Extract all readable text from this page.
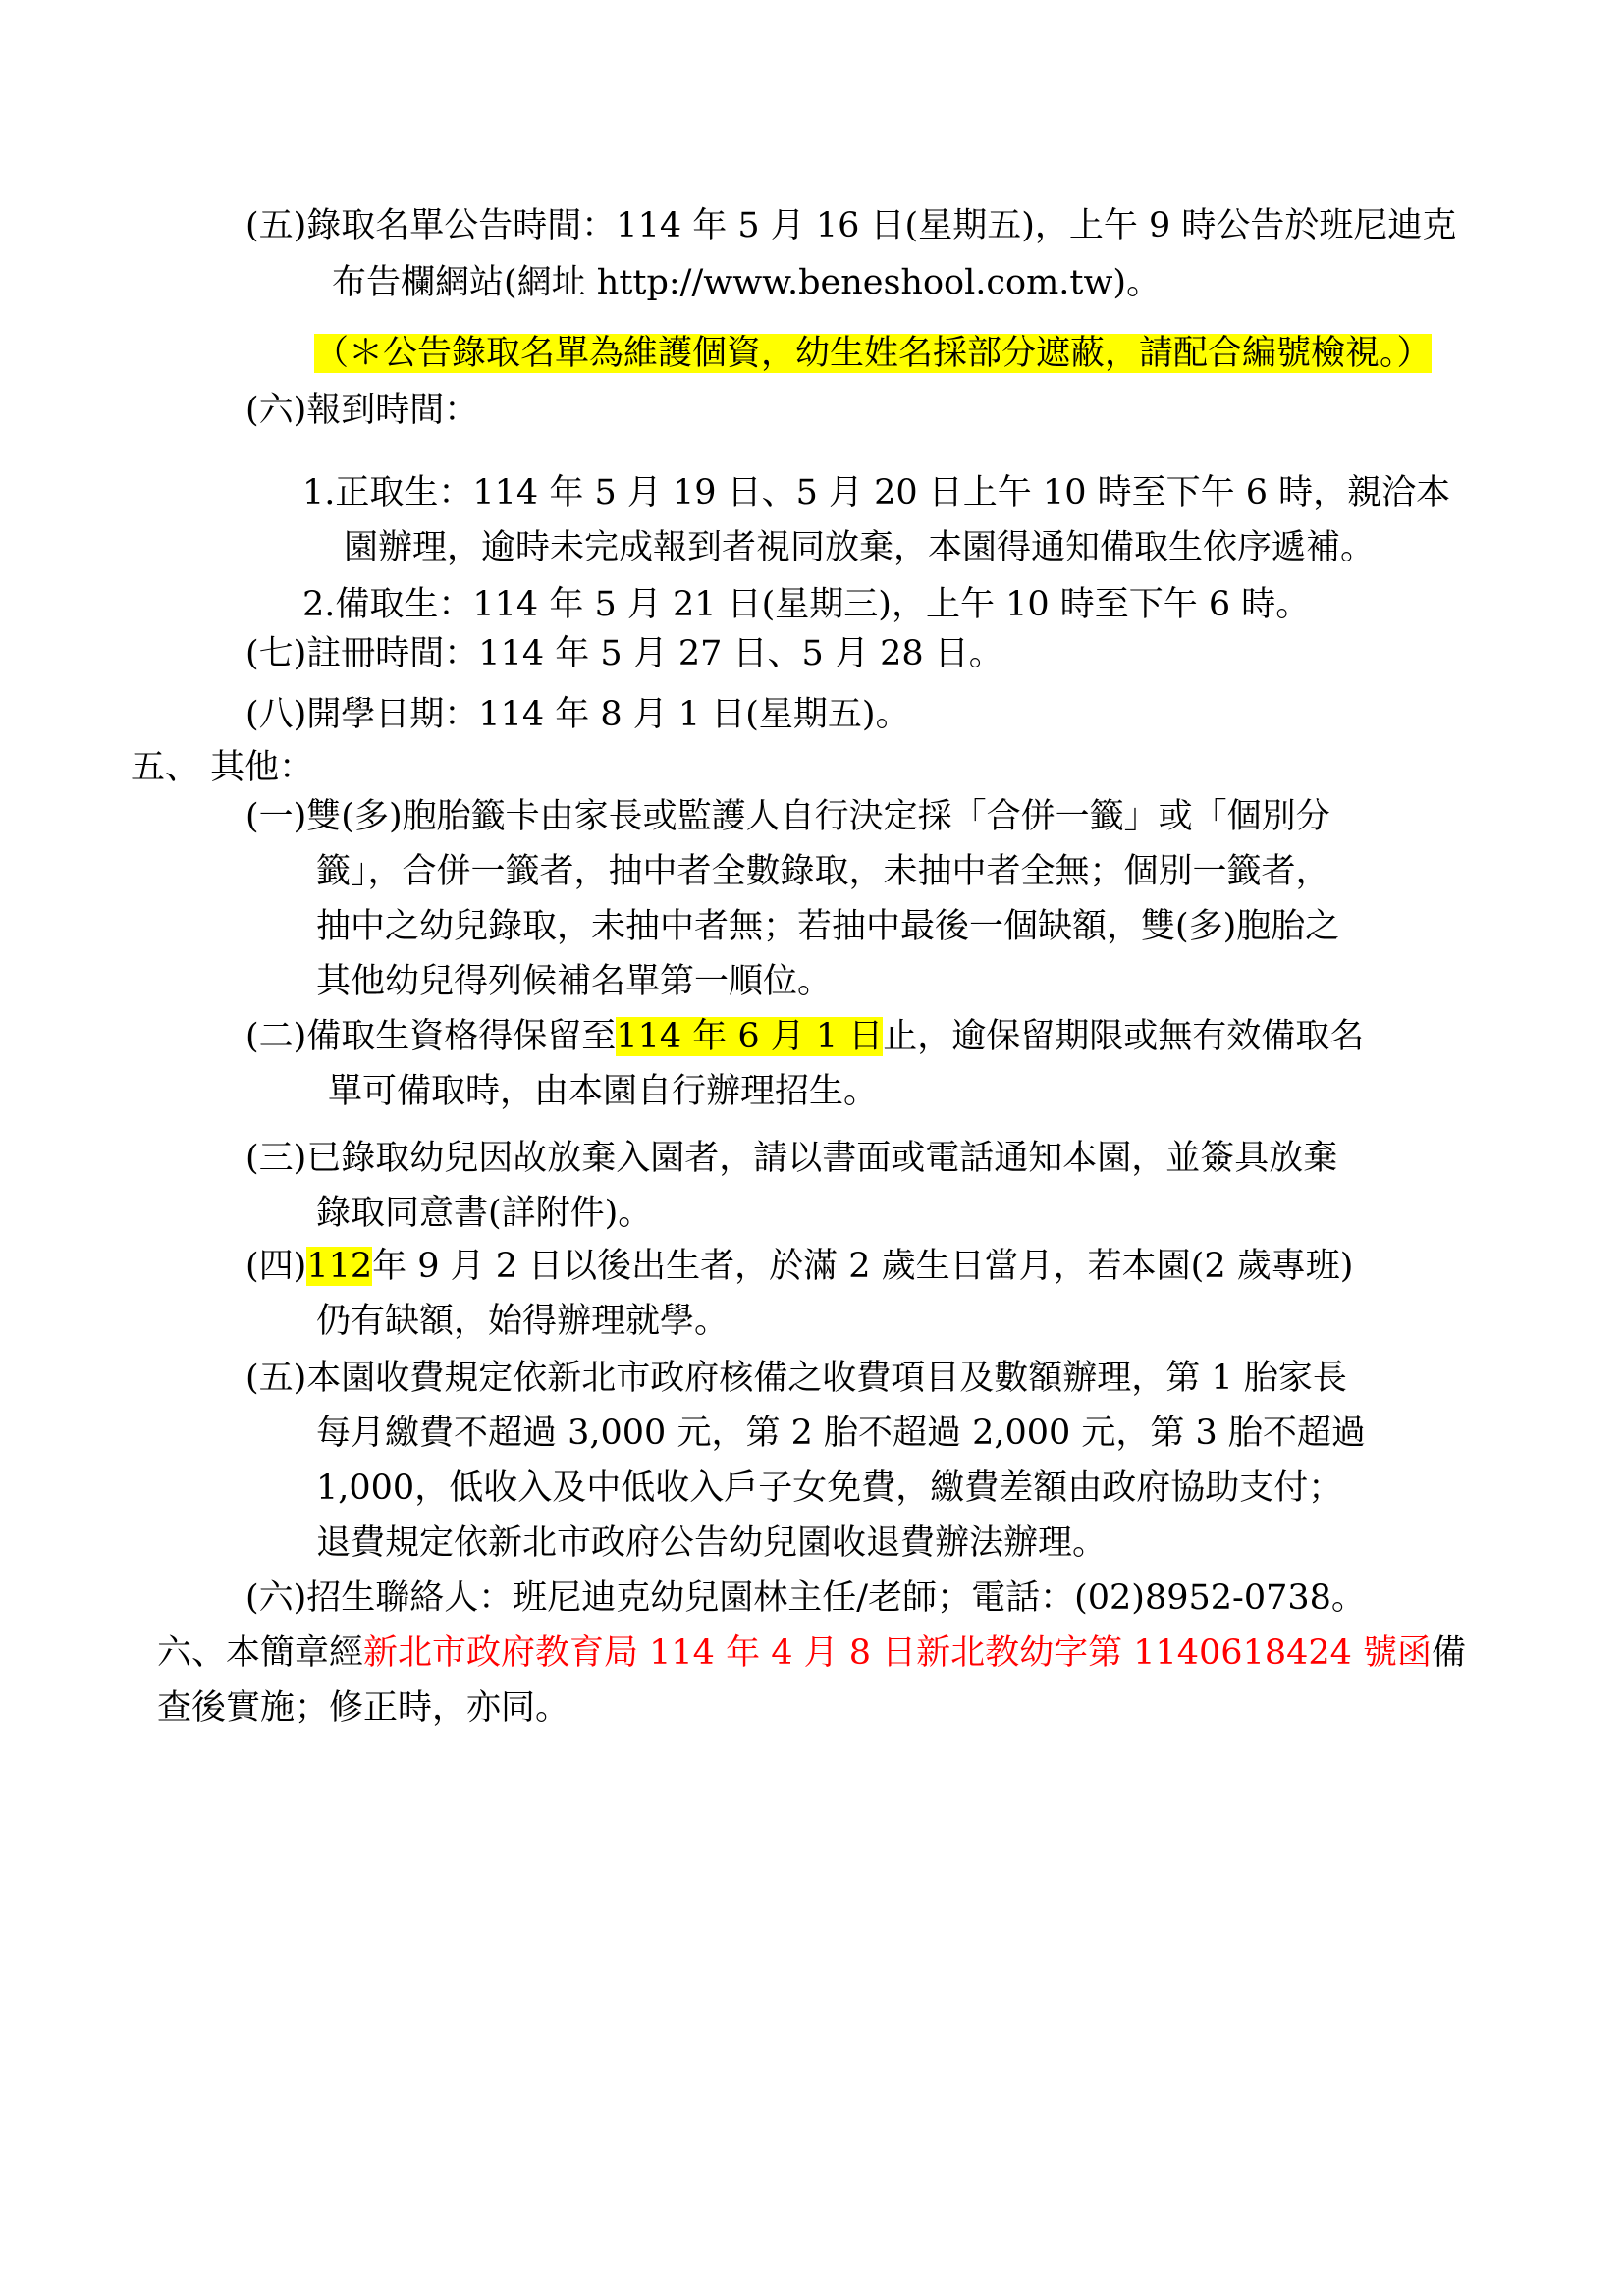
(五)錄取名單公告時間：114 年 5 月 16 日(星期五)，上午 9 時公告於班尼迪克
布告欄網站(網址 http://www.beneshool.com.tw)。
（＊公告錄取名單為維護個資，幼生姓名採部分遮蔽，請配合編號檢視。）
(六)報到時間：
1.正取生：114 年 5 月 19 日、5 月 20 日上午 10 時至下午 6 時，親洽本
園辦理，逾時未完成報到者視同放棄，本園得通知備取生依序遞補。
2.備取生：114 年 5 月 21 日(星期三)，上午 10 時至下午 6 時。
(七)註冊時間：114 年 5 月 27 日、5 月 28 日。
(八)開學日期：114 年 8 月 1 日(星期五)。
五、 其他：
(一)雙(多)胞胎籤卡由家長或監護人自行決定採「合併一籤」或「個別分
籤」，合併一籤者，抽中者全數錄取，未抽中者全無；個別一籤者，
抽中之幼兒錄取，未抽中者無；若抽中最後一個缺額，雙(多)胞胎之
其他幼兒得列候補名單第一順位。
(二)備取生資格得保留至114 年 6 月 1 日止，逾保留期限或無有效備取名
單可備取時，由本園自行辦理招生。
(三)已錄取幼兒因故放棄入園者，請以書面或電話通知本園，並簽具放棄
錄取同意書(詳附件)。
(四)112年 9 月 2 日以後出生者，於滿 2 歲生日當月，若本園(2 歲專班)
仍有缺額，始得辦理就學。
(五)本園收費規定依新北市政府核備之收費項目及數額辦理，第 1 胎家長
每月繳費不超過 3,000 元，第 2 胎不超過 2,000 元，第 3 胎不超過
1,000，低收入及中低收入戶子女免費，繳費差額由政府協助支付；
退費規定依新北市政府公告幼兒園收退費辦法辦理。
(六)招生聯絡人：班尼迪克幼兒園林主任/老師；電話：(02)8952-0738。
六、本簡章經新北市政府教育局 114 年 4 月 8 日新北教幼字第 1140618424 號函備
查後實施；修正時，亦同。
